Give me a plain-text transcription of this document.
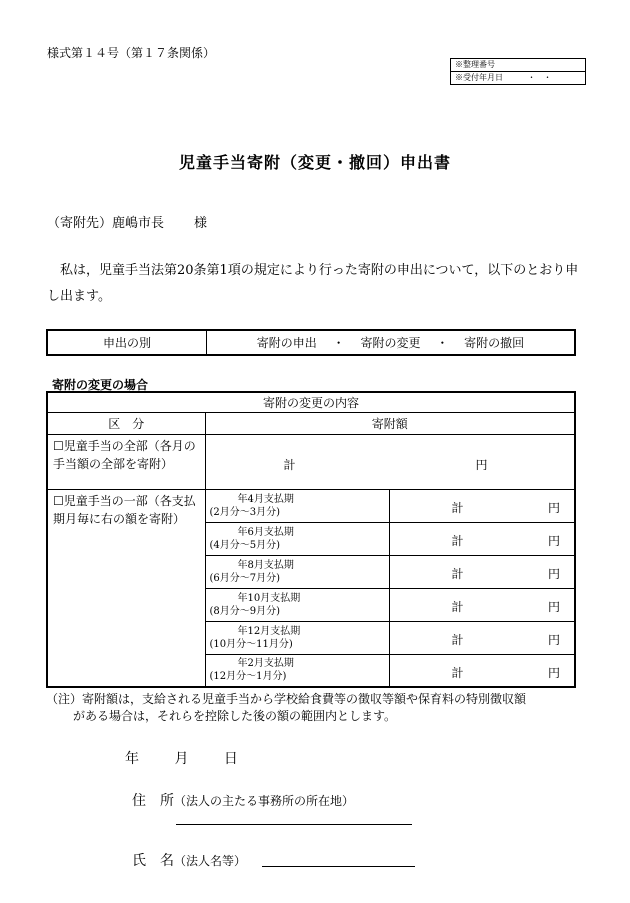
様式第１４号（第１７条関係）
※整理番号
※受付年月日	・　・
児童手当寄附（変更・撤回）申出書
（寄附先）鹿嶋市長 様
私は，児童手当法第20条第1項の規定により行った寄附の申出について，以下のとおり申し出ます。
申出の別	寄附の申出 ・ 寄附の変更 ・ 寄附の撤回
寄附の変更の場合
寄附の変更の内容		
区　分	寄附額	
☐児童手当の全部（各月の手当額の全部を寄附）	計 円	

☐児童手当の一部（各支払期月毎に右の額を寄附）	年4月支払期
(2月分～3月分)	計 円

	年6月支払期
(4月分～5月分)	計 円

	年8月支払期
(6月分～7月分)	計 円

	年10月支払期
(8月分～9月分)	計 円

	年12月支払期
(10月分～11月分)	計 円

	年2月支払期
(12月分～1月分)	計 円
（注）寄附額は，支給される児童手当から学校給食費等の徴収等額や保育料の特別徴収額
がある場合は，それらを控除した後の額の範囲内とします。
年	月	日
住　所（法人の主たる事務所の所在地）
氏　名（法人名等）
